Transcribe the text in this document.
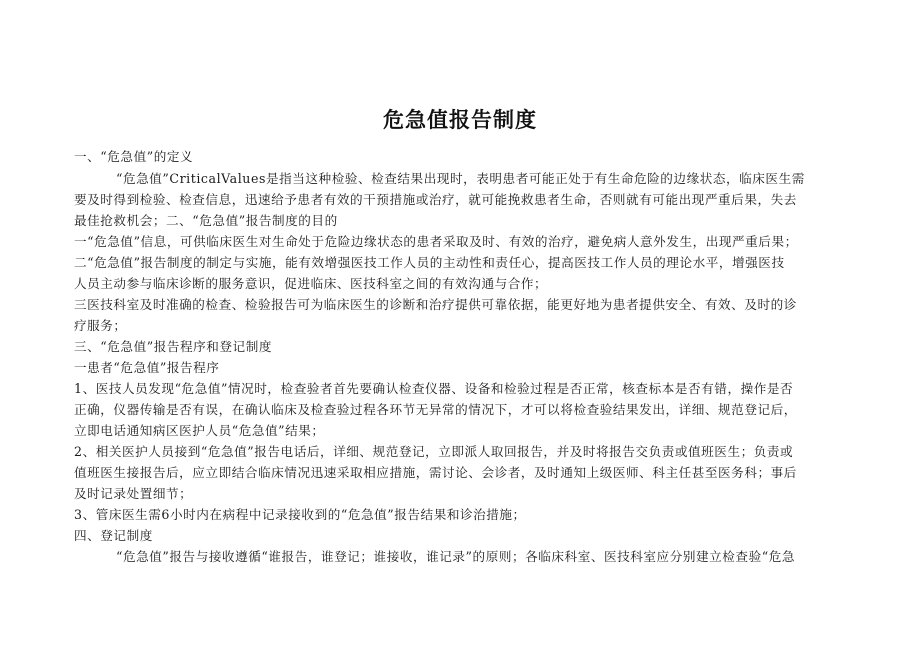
危急值报告制度
一、“危急值”的定义
“危急值”CriticalValues是指当这种检验、检查结果出现时，表明患者可能正处于有生命危险的边缘状态，临床医生需
要及时得到检验、检查信息，迅速给予患者有效的干预措施或治疗，就可能挽救患者生命，否则就有可能出现严重后果，失去
最佳抢救机会；二、“危急值”报告制度的目的
一“危急值”信息，可供临床医生对生命处于危险边缘状态的患者采取及时、有效的治疗，避免病人意外发生，出现严重后果；
二“危急值”报告制度的制定与实施，能有效增强医技工作人员的主动性和责任心，提高医技工作人员的理论水平，增强医技
人员主动参与临床诊断的服务意识，促进临床、医技科室之间的有效沟通与合作；
三医技科室及时准确的检查、检验报告可为临床医生的诊断和治疗提供可靠依据，能更好地为患者提供安全、有效、及时的诊
疗服务；
三、“危急值”报告程序和登记制度
一患者“危急值”报告程序
1、医技人员发现“危急值”情况时，检查验者首先要确认检查仪器、设备和检验过程是否正常，核查标本是否有错，操作是否
正确，仪器传输是否有误，在确认临床及检查验过程各环节无异常的情况下，才可以将检查验结果发出，详细、规范登记后，
立即电话通知病区医护人员“危急值”结果；
2、相关医护人员接到“危急值”报告电话后，详细、规范登记，立即派人取回报告，并及时将报告交负责或值班医生；负责或
值班医生接报告后，应立即结合临床情况迅速采取相应措施，需讨论、会诊者，及时通知上级医师、科主任甚至医务科；事后
及时记录处置细节；
3、管床医生需6小时内在病程中记录接收到的“危急值”报告结果和诊治措施；
四、登记制度
“危急值”报告与接收遵循“谁报告，谁登记；谁接收，谁记录”的原则；各临床科室、医技科室应分别建立检查验“危急
